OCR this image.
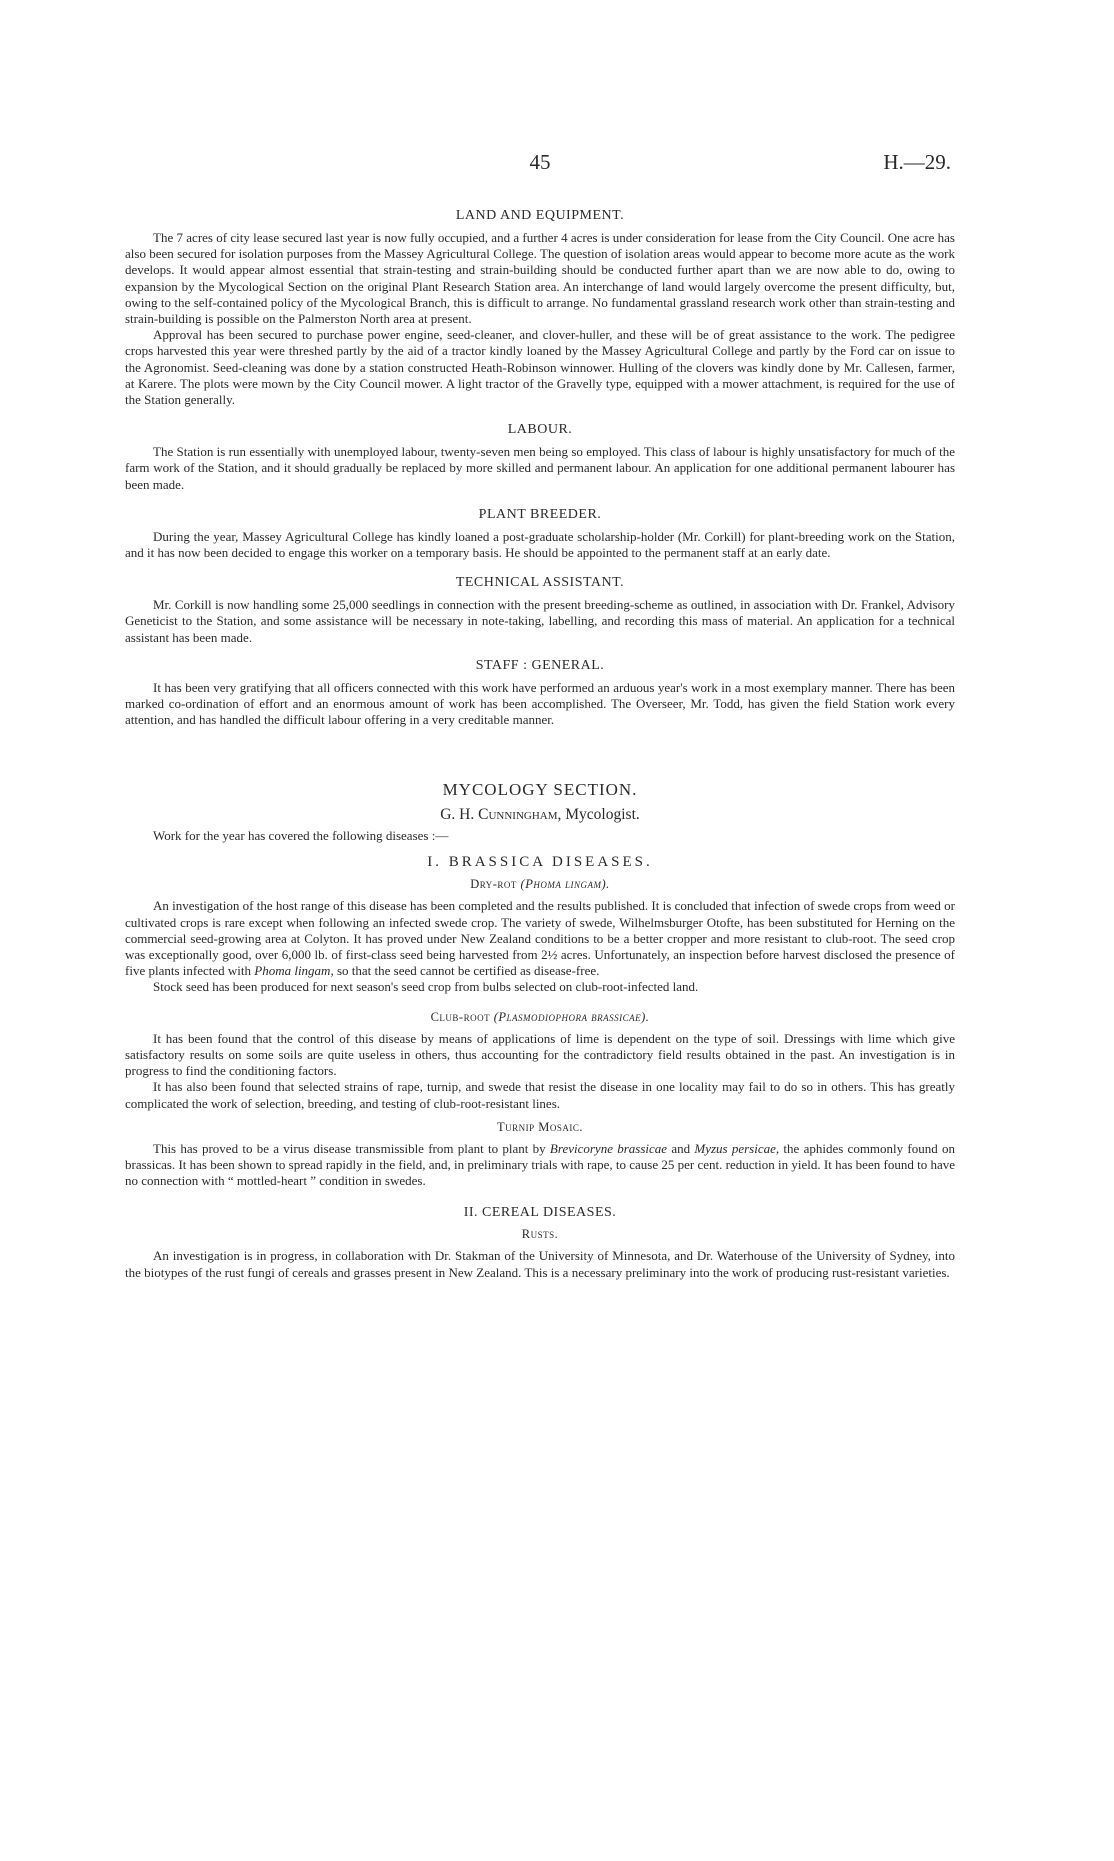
45	H.—29.
LAND AND EQUIPMENT.

The 7 acres of city lease secured last year is now fully occupied, and a further 4 acres is under consideration for lease from the City Council. One acre has also been secured for isolation purposes from the Massey Agricultural College. The question of isolation areas would appear to become more acute as the work develops. It would appear almost essential that strain-testing and strain-building should be conducted further apart than we are now able to do, owing to expansion by the Mycological Section on the original Plant Research Station area. An interchange of land would largely overcome the present difficulty, but, owing to the self-contained policy of the Mycological Branch, this is difficult to arrange. No fundamental grassland research work other than strain-testing and strain-building is possible on the Palmerston North area at present.

Approval has been secured to purchase power engine, seed-cleaner, and clover-huller, and these will be of great assistance to the work. The pedigree crops harvested this year were threshed partly by the aid of a tractor kindly loaned by the Massey Agricultural College and partly by the Ford car on issue to the Agronomist. Seed-cleaning was done by a station constructed Heath-Robinson winnower. Hulling of the clovers was kindly done by Mr. Callesen, farmer, at Karere. The plots were mown by the City Council mower. A light tractor of the Gravelly type, equipped with a mower attachment, is required for the use of the Station generally.

LABOUR.

The Station is run essentially with unemployed labour, twenty-seven men being so employed. This class of labour is highly unsatisfactory for much of the farm work of the Station, and it should gradually be replaced by more skilled and permanent labour. An application for one additional permanent labourer has been made.

PLANT BREEDER.

During the year, Massey Agricultural College has kindly loaned a post-graduate scholarship-holder (Mr. Corkill) for plant-breeding work on the Station, and it has now been decided to engage this worker on a temporary basis. He should be appointed to the permanent staff at an early date.

TECHNICAL ASSISTANT.

Mr. Corkill is now handling some 25,000 seedlings in connection with the present breeding-scheme as outlined, in association with Dr. Frankel, Advisory Geneticist to the Station, and some assistance will be necessary in note-taking, labelling, and recording this mass of material. An application for a technical assistant has been made.

STAFF : GENERAL.

It has been very gratifying that all officers connected with this work have performed an arduous year's work in a most exemplary manner. There has been marked co-ordination of effort and an enormous amount of work has been accomplished. The Overseer, Mr. Todd, has given the field Station work every attention, and has handled the difficult labour offering in a very creditable manner.

MYCOLOGY SECTION.
G. H. Cunningham, Mycologist.
Work for the year has covered the following diseases :—
I. BRASSICA DISEASES.
Dry-rot (Phoma lingam).

An investigation of the host range of this disease has been completed and the results published. It is concluded that infection of swede crops from weed or cultivated crops is rare except when following an infected swede crop. The variety of swede, Wilhelmsburger Otofte, has been substituted for Herning on the commercial seed-growing area at Colyton. It has proved under New Zealand conditions to be a better cropper and more resistant to club-root. The seed crop was exceptionally good, over 6,000 lb. of first-class seed being harvested from 2½ acres. Unfortunately, an inspection before harvest disclosed the presence of five plants infected with Phoma lingam, so that the seed cannot be certified as disease-free.

Stock seed has been produced for next season's seed crop from bulbs selected on club-root-infected land.

Club-root (Plasmodiophora brassicae).

It has been found that the control of this disease by means of applications of lime is dependent on the type of soil. Dressings with lime which give satisfactory results on some soils are quite useless in others, thus accounting for the contradictory field results obtained in the past. An investigation is in progress to find the conditioning factors.

It has also been found that selected strains of rape, turnip, and swede that resist the disease in one locality may fail to do so in others. This has greatly complicated the work of selection, breeding, and testing of club-root-resistant lines.

Turnip Mosaic.

This has proved to be a virus disease transmissible from plant to plant by Brevicoryne brassicae and Myzus persicae, the aphides commonly found on brassicas. It has been shown to spread rapidly in the field, and, in preliminary trials with rape, to cause 25 per cent. reduction in yield. It has been found to have no connection with “ mottled-heart ” condition in swedes.

II. CEREAL DISEASES.
Rusts.

An investigation is in progress, in collaboration with Dr. Stakman of the University of Minnesota, and Dr. Waterhouse of the University of Sydney, into the biotypes of the rust fungi of cereals and grasses present in New Zealand. This is a necessary preliminary into the work of producing rust-resistant varieties.
